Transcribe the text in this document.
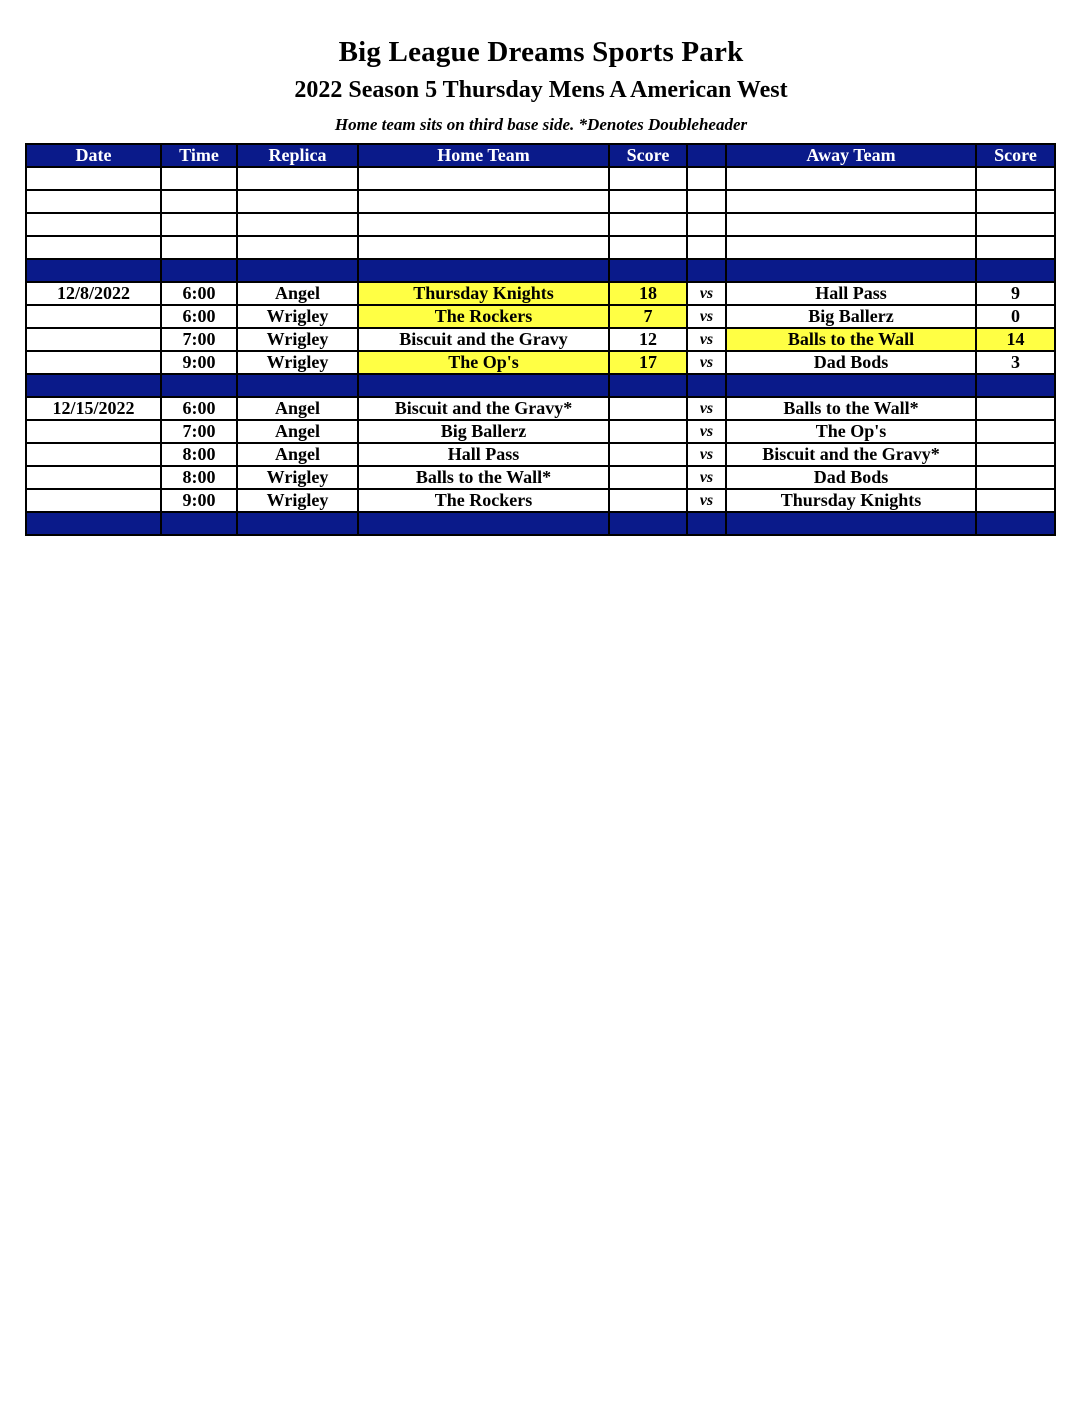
Big League Dreams Sports Park
2022 Season 5 Thursday Mens A American West
Home team sits on third base side. *Denotes Doubleheader
Date	Time	Replica	Home Team	Score		Away Team	Score

12/8/2022	6:00	Angel	Thursday Knights	18	vs	Hall Pass	9
	6:00	Wrigley	The Rockers	7	vs	Big Ballerz	0
	7:00	Wrigley	Biscuit and the Gravy	12	vs	Balls to the Wall	14
	9:00	Wrigley	The Op's	17	vs	Dad Bods	3

12/15/2022	6:00	Angel	Biscuit and the Gravy*		vs	Balls to the Wall*	
	7:00	Angel	Big Ballerz		vs	The Op's	
	8:00	Angel	Hall Pass		vs	Biscuit and the Gravy*	
	8:00	Wrigley	Balls to the Wall*		vs	Dad Bods	
	9:00	Wrigley	The Rockers		vs	Thursday Knights	
